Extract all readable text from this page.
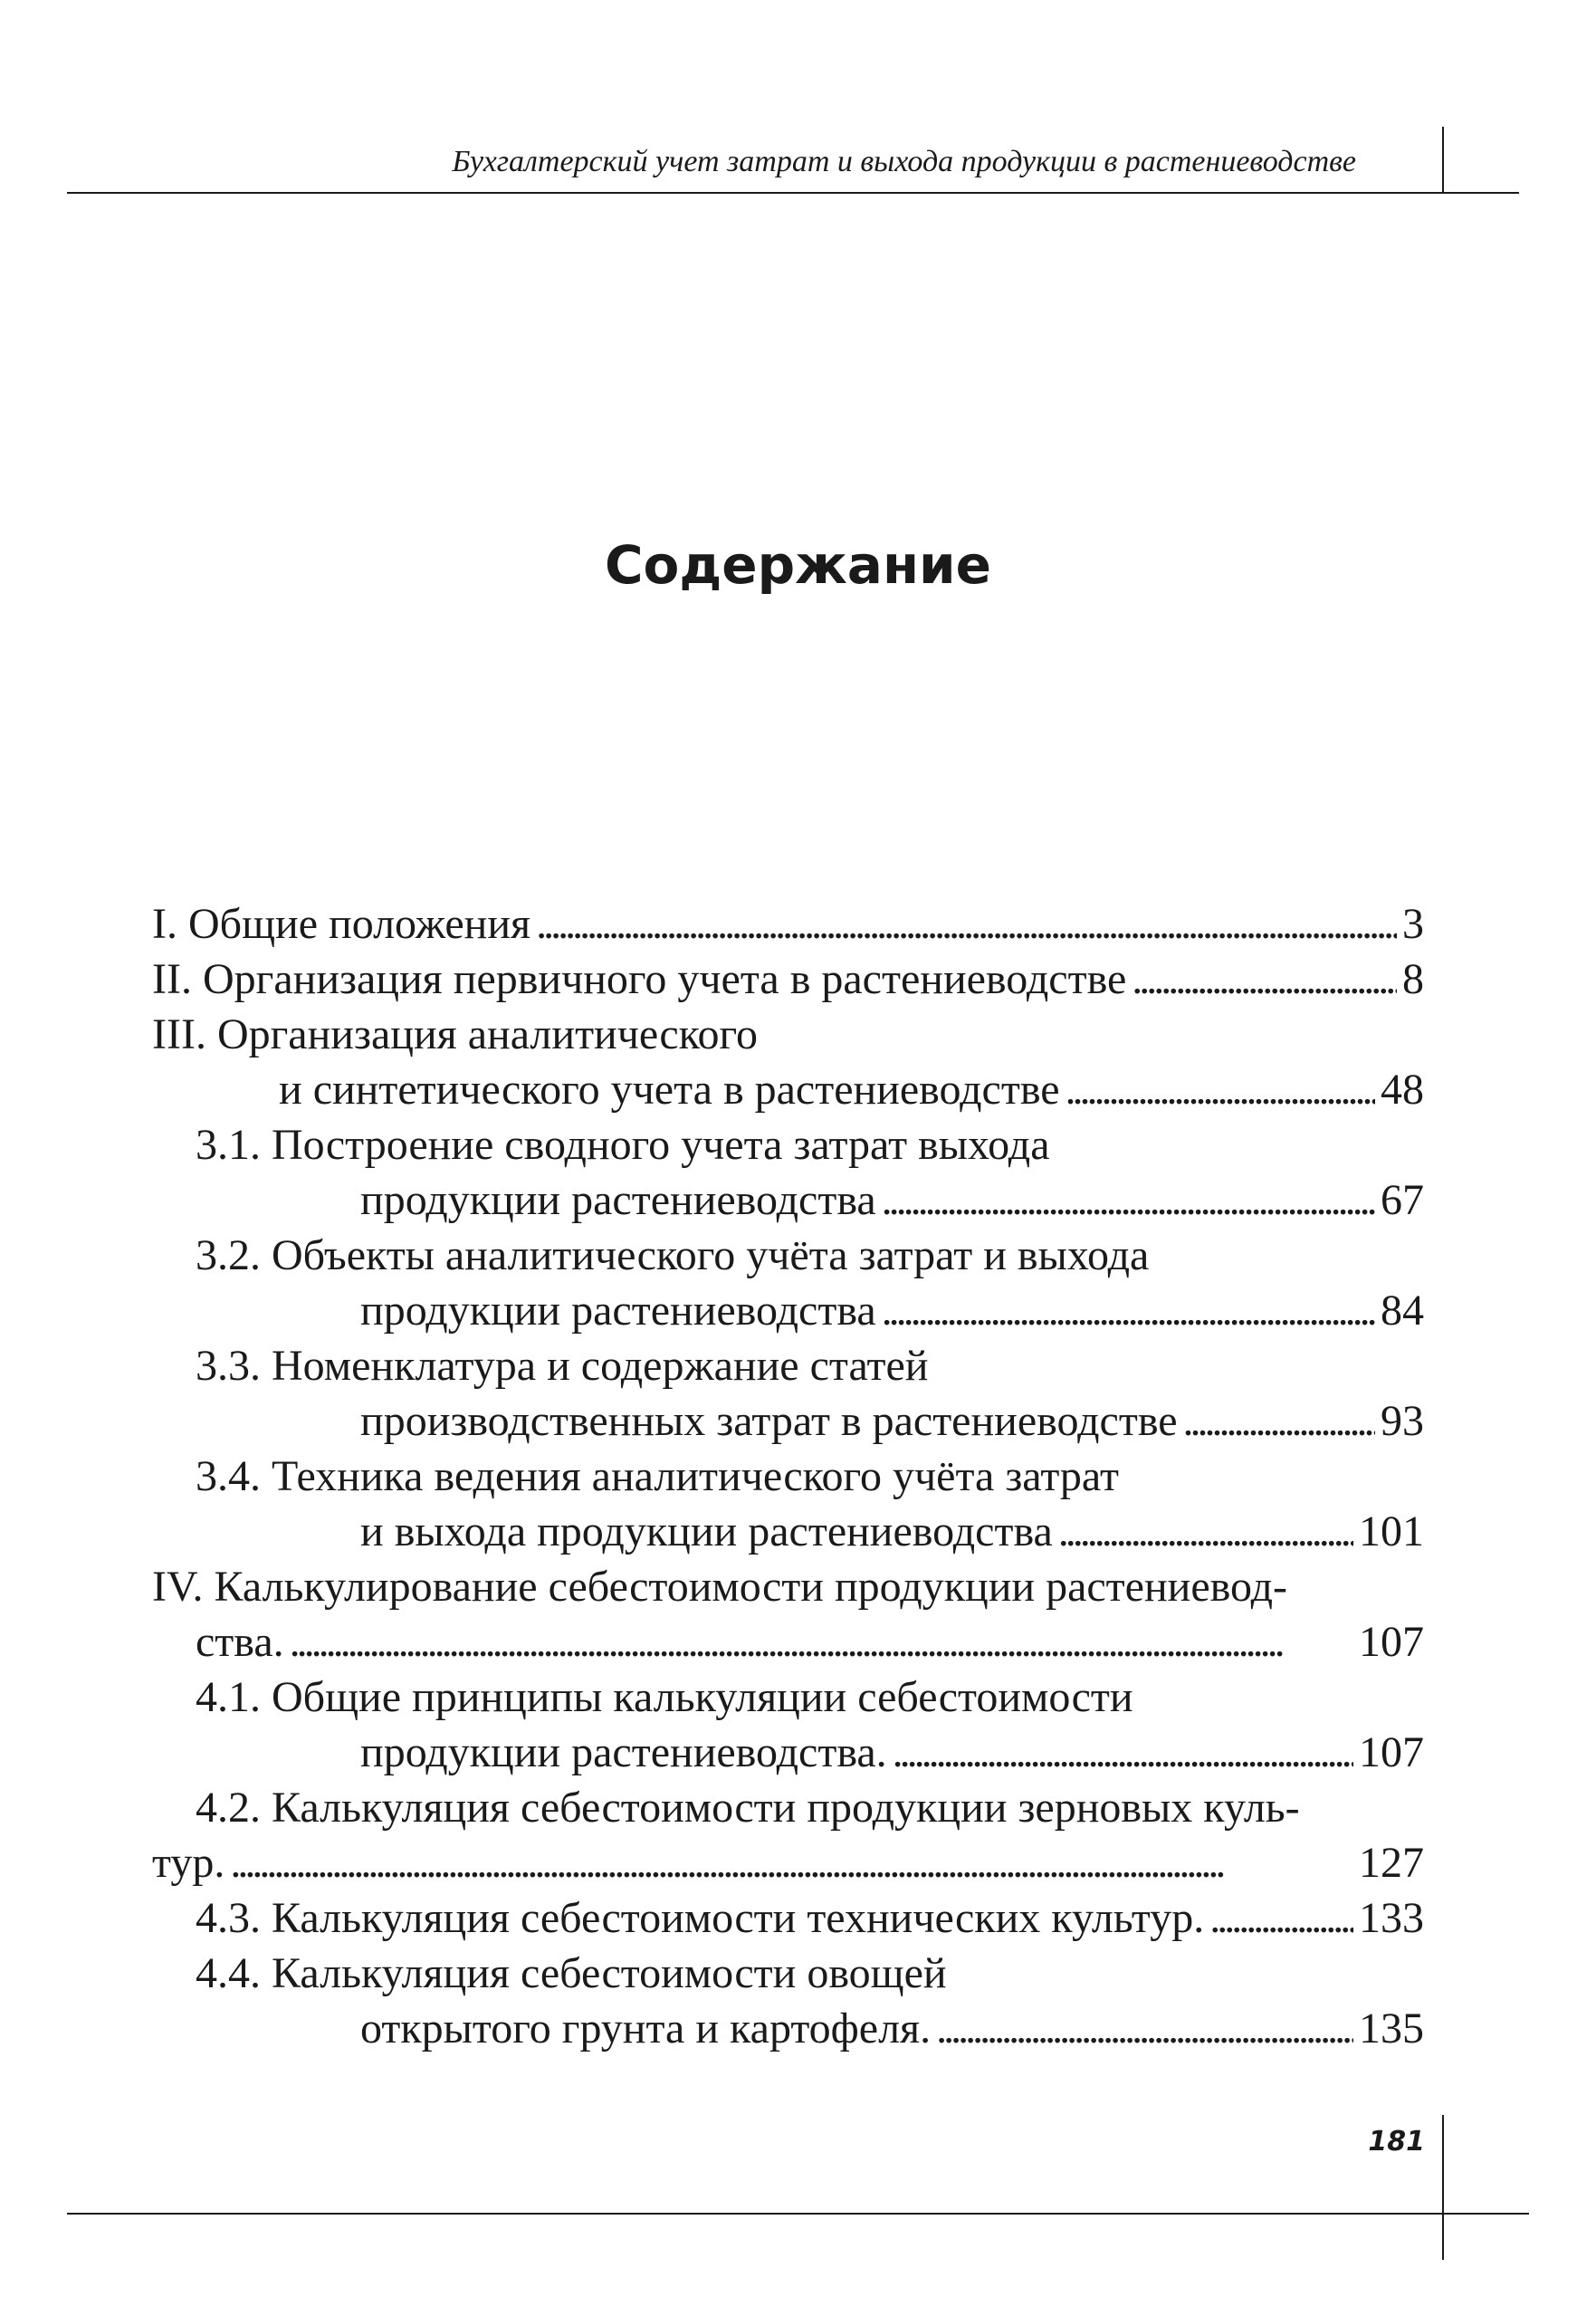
Бухгалтерский учет затрат и выхода продукции в растениеводстве
Содержание
I. Общие положения . . .	3
II. Организация первичного учета в растениеводстве . . .	8
III. Организация аналитического
и синтетического учета в растениеводстве . . .	48
3.1. Построение сводного учета затрат выхода
продукции растениеводства . . .	67
3.2. Объекты аналитического учёта затрат и выхода
продукции растениеводства . . .	84
3.3. Номенклатура и содержание статей
производственных затрат в растениеводстве . . .	93
3.4. Техника ведения аналитического учёта затрат
и выхода продукции растениеводства . . .	101
IV. Калькулирование себестоимости продукции растениевод-
ства. . . .	107
4.1. Общие принципы калькуляции себестоимости
продукции растениеводства. . . .	107
4.2. Калькуляция себестоимости продукции зерновых куль-
тур. . . .	127
4.3. Калькуляция себестоимости технических культур. . . .	133
4.4. Калькуляция себестоимости овощей
открытого грунта и картофеля. . . .	135
181
